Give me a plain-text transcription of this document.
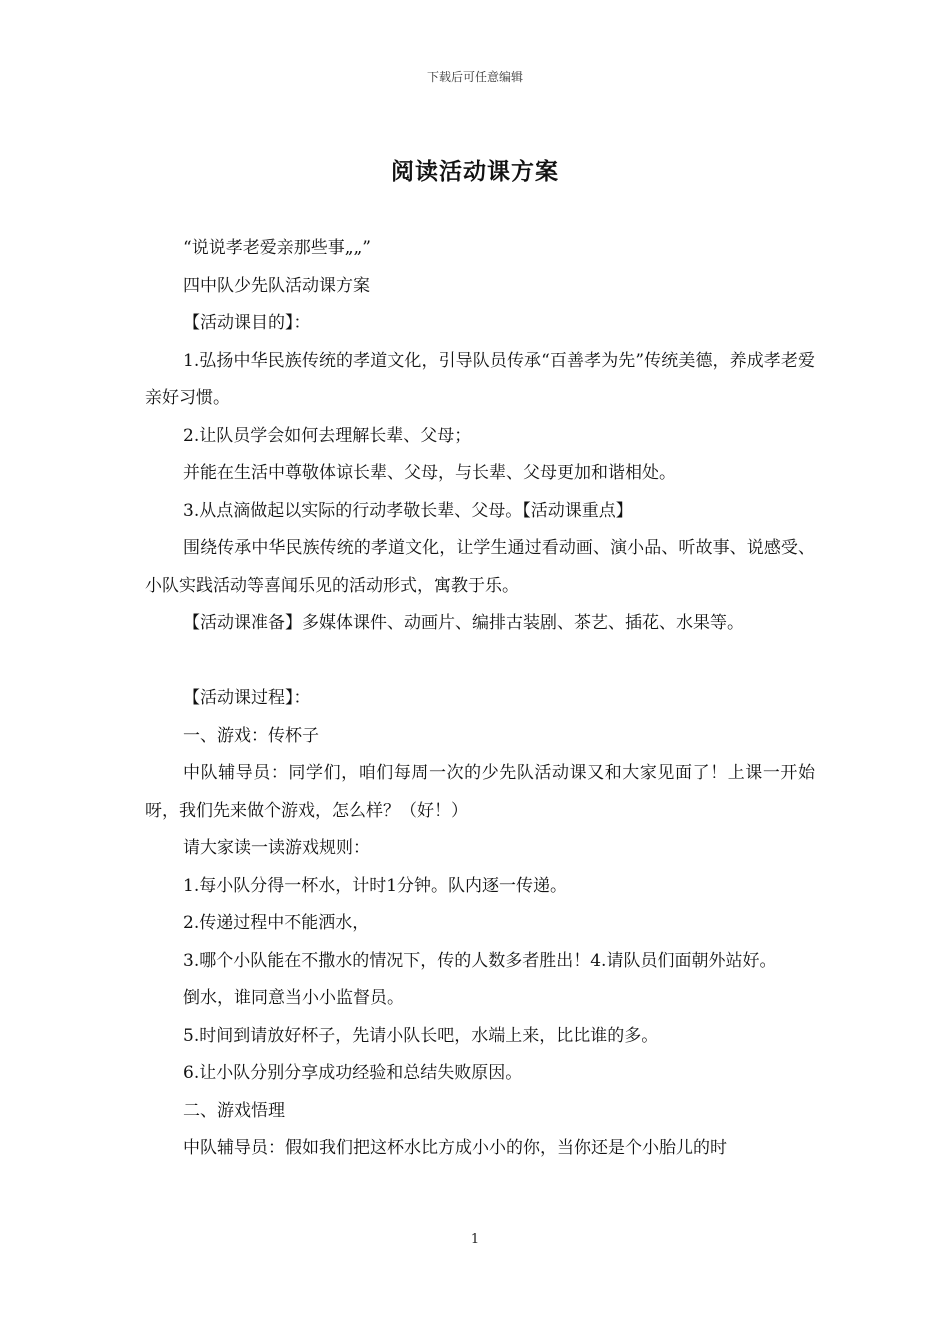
下载后可任意编辑
阅读活动课方案

“说说孝老爱亲那些事„„”

四中队少先队活动课方案

【活动课目的】：

1.弘扬中华民族传统的孝道文化，引导队员传承“百善孝为先”传统美德，养成孝老爱亲好习惯。

2.让队员学会如何去理解长辈、父母；

并能在生活中尊敬体谅长辈、父母，与长辈、父母更加和谐相处。

3.从点滴做起以实际的行动孝敬长辈、父母。【活动课重点】

围绕传承中华民族传统的孝道文化，让学生通过看动画、演小品、听故事、说感受、小队实践活动等喜闻乐见的活动形式，寓教于乐。

【活动课准备】多媒体课件、动画片、编排古装剧、茶艺、插花、水果等。

【活动课过程】：

一、游戏：传杯子

中队辅导员：同学们，咱们每周一次的少先队活动课又和大家见面了！上课一开始呀，我们先来做个游戏，怎么样？（好！）

请大家读一读游戏规则：

1.每小队分得一杯水，计时1分钟。队内逐一传递。

2.传递过程中不能洒水，

3.哪个小队能在不撒水的情况下，传的人数多者胜出！4.请队员们面朝外站好。

倒水，谁同意当小小监督员。

5.时间到请放好杯子，先请小队长吧，水端上来，比比谁的多。

6.让小队分别分享成功经验和总结失败原因。

二、游戏悟理

中队辅导员：假如我们把这杯水比方成小小的你，当你还是个小胎儿的时

1
